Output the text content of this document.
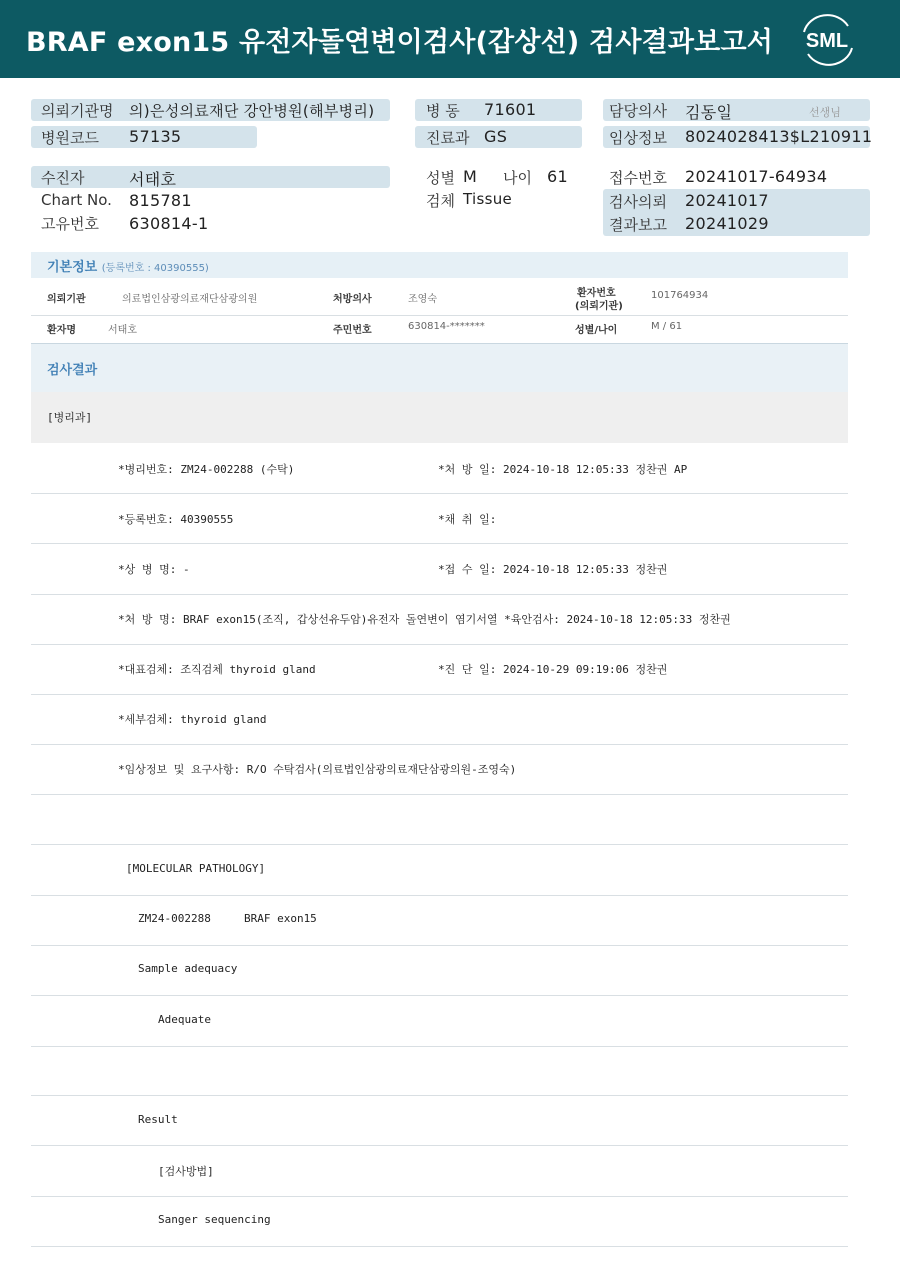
BRAF exon15 유전자돌연변이검사(갑상선) 검사결과보고서 SML
의뢰기관명 의)은성의료재단 강안병원(해부병리)
병원코드 57135
병 동 71601
진료과 GS
담당의사 김동일	선생님
임상정보 8024028413$L210911
수진자	서태호
Chart No. 815781
고유번호 630814-1
성별 M 나이 61
검체 Tissue
접수번호 20241017-64934
검사의뢰 20241017
결과보고 20241029
기본정보 (등록번호 : 40390555)
의뢰기관	의료법인삼광의료재단삼광의원	처방의사	조영숙
환자번호
(의뢰기관)
101764934
환자명	서태호	주민번호	630814-*******	성별/나이	M / 61
검사결과
[병리과]
*병리번호: ZM24-002288 (수탁)	*처 방 일: 2024-10-18 12:05:33 정찬권 AP
*등록번호: 40390555	*채 취 일:
*상 병 명: -	*접 수 일: 2024-10-18 12:05:33 정찬권
*처 방 명: BRAF exon15(조직, 갑상선유두암)유전자 돌연변이 염기서열 *육안검사: 2024-10-18 12:05:33 정찬권
*대표검체: 조직검체 thyroid gland	*진 단 일: 2024-10-29 09:19:06 정찬권
*세부검체: thyroid gland
*임상정보 및 요구사항: R/O 수탁검사(의료법인삼광의료재단삼광의원-조영숙)
[MOLECULAR PATHOLOGY]
ZM24-002288     BRAF exon15
Sample adequacy
Adequate
Result
[검사방법]
Sanger sequencing
